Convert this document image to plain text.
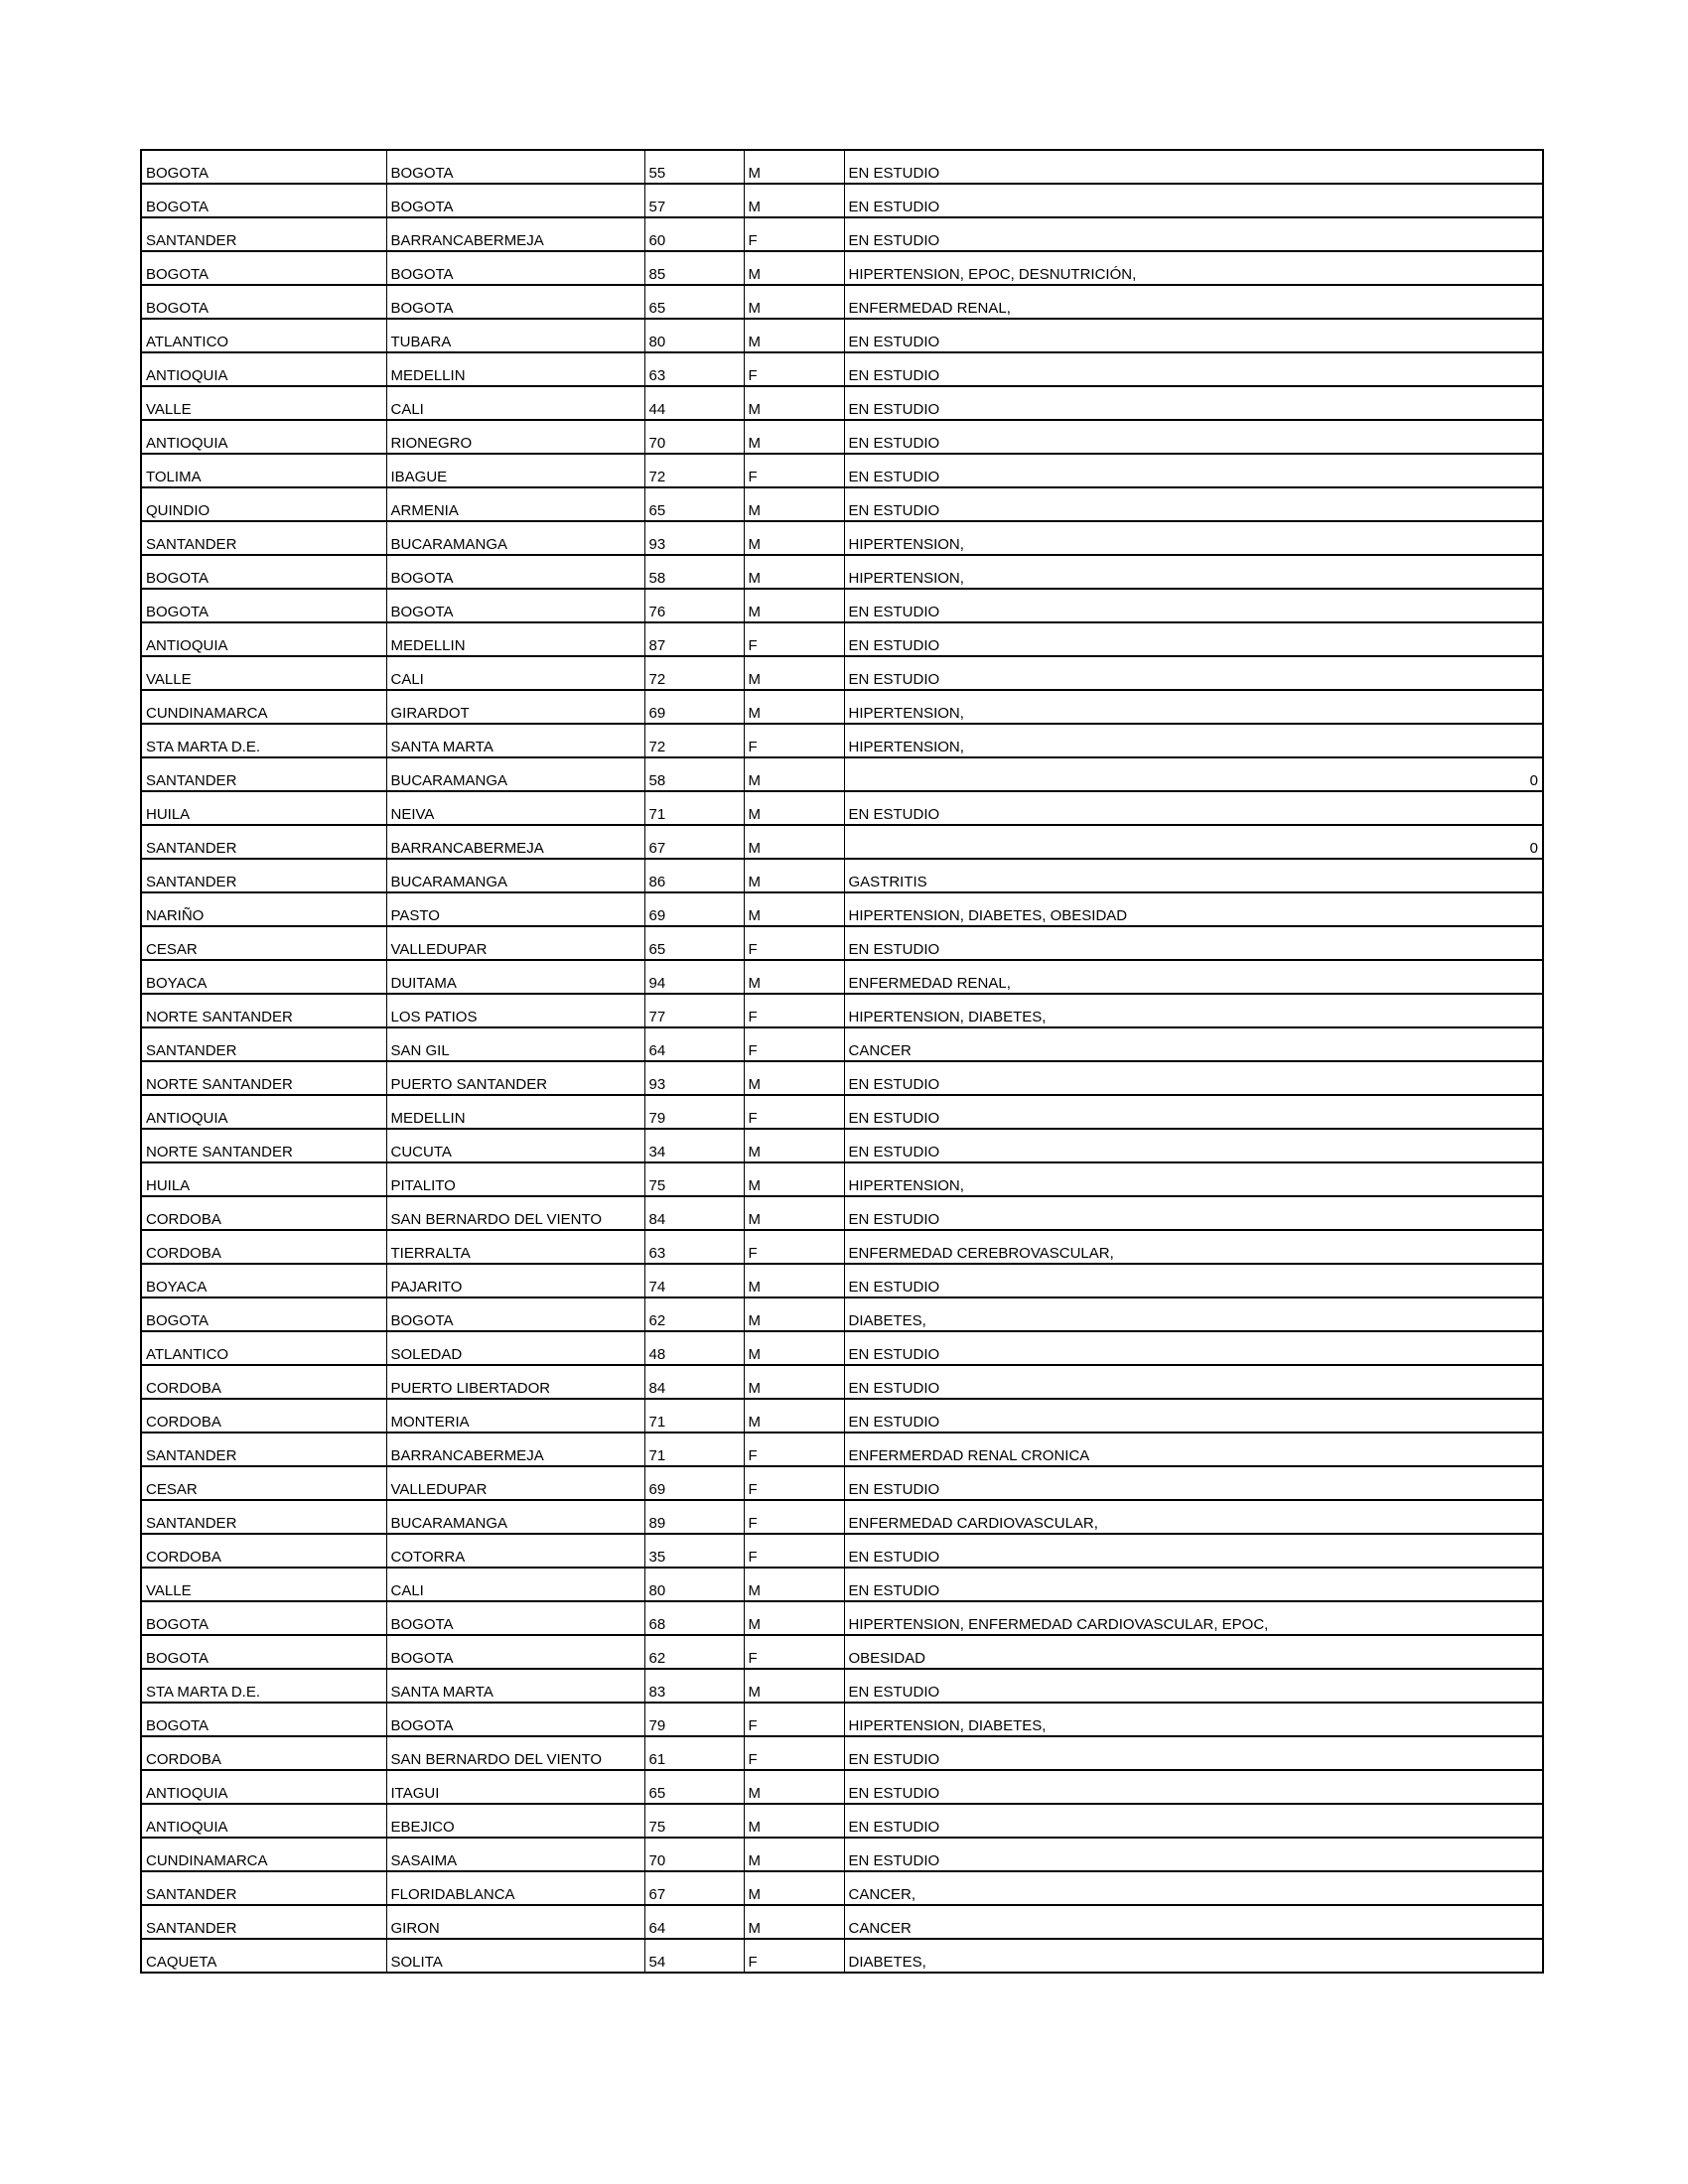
BOGOTA	BOGOTA	55	M	EN ESTUDIO
BOGOTA	BOGOTA	57	M	EN ESTUDIO
SANTANDER	BARRANCABERMEJA	60	F	EN ESTUDIO
BOGOTA	BOGOTA	85	M	HIPERTENSION, EPOC, DESNUTRICIÓN,
BOGOTA	BOGOTA	65	M	ENFERMEDAD RENAL,
ATLANTICO	TUBARA	80	M	EN ESTUDIO
ANTIOQUIA	MEDELLIN	63	F	EN ESTUDIO
VALLE	CALI	44	M	EN ESTUDIO
ANTIOQUIA	RIONEGRO	70	M	EN ESTUDIO
TOLIMA	IBAGUE	72	F	EN ESTUDIO
QUINDIO	ARMENIA	65	M	EN ESTUDIO
SANTANDER	BUCARAMANGA	93	M	HIPERTENSION,
BOGOTA	BOGOTA	58	M	HIPERTENSION,
BOGOTA	BOGOTA	76	M	EN ESTUDIO
ANTIOQUIA	MEDELLIN	87	F	EN ESTUDIO
VALLE	CALI	72	M	EN ESTUDIO
CUNDINAMARCA	GIRARDOT	69	M	HIPERTENSION,
STA MARTA D.E.	SANTA MARTA	72	F	HIPERTENSION,
SANTANDER	BUCARAMANGA	58	M	0
HUILA	NEIVA	71	M	EN ESTUDIO
SANTANDER	BARRANCABERMEJA	67	M	0
SANTANDER	BUCARAMANGA	86	M	GASTRITIS
NARIÑO	PASTO	69	M	HIPERTENSION, DIABETES, OBESIDAD
CESAR	VALLEDUPAR	65	F	EN ESTUDIO
BOYACA	DUITAMA	94	M	ENFERMEDAD RENAL,
NORTE SANTANDER	LOS PATIOS	77	F	HIPERTENSION, DIABETES,
SANTANDER	SAN GIL	64	F	CANCER
NORTE SANTANDER	PUERTO SANTANDER	93	M	EN ESTUDIO
ANTIOQUIA	MEDELLIN	79	F	EN ESTUDIO
NORTE SANTANDER	CUCUTA	34	M	EN ESTUDIO
HUILA	PITALITO	75	M	HIPERTENSION,
CORDOBA	SAN BERNARDO DEL VIENTO	84	M	EN ESTUDIO
CORDOBA	TIERRALTA	63	F	ENFERMEDAD CEREBROVASCULAR,
BOYACA	PAJARITO	74	M	EN ESTUDIO
BOGOTA	BOGOTA	62	M	DIABETES,
ATLANTICO	SOLEDAD	48	M	EN ESTUDIO
CORDOBA	PUERTO LIBERTADOR	84	M	EN ESTUDIO
CORDOBA	MONTERIA	71	M	EN ESTUDIO
SANTANDER	BARRANCABERMEJA	71	F	ENFERMERDAD RENAL CRONICA
CESAR	VALLEDUPAR	69	F	EN ESTUDIO
SANTANDER	BUCARAMANGA	89	F	ENFERMEDAD CARDIOVASCULAR,
CORDOBA	COTORRA	35	F	EN ESTUDIO
VALLE	CALI	80	M	EN ESTUDIO
BOGOTA	BOGOTA	68	M	HIPERTENSION, ENFERMEDAD CARDIOVASCULAR, EPOC,
BOGOTA	BOGOTA	62	F	OBESIDAD
STA MARTA D.E.	SANTA MARTA	83	M	EN ESTUDIO
BOGOTA	BOGOTA	79	F	HIPERTENSION, DIABETES,
CORDOBA	SAN BERNARDO DEL VIENTO	61	F	EN ESTUDIO
ANTIOQUIA	ITAGUI	65	M	EN ESTUDIO
ANTIOQUIA	EBEJICO	75	M	EN ESTUDIO
CUNDINAMARCA	SASAIMA	70	M	EN ESTUDIO
SANTANDER	FLORIDABLANCA	67	M	CANCER,
SANTANDER	GIRON	64	M	CANCER
CAQUETA	SOLITA	54	F	DIABETES,
